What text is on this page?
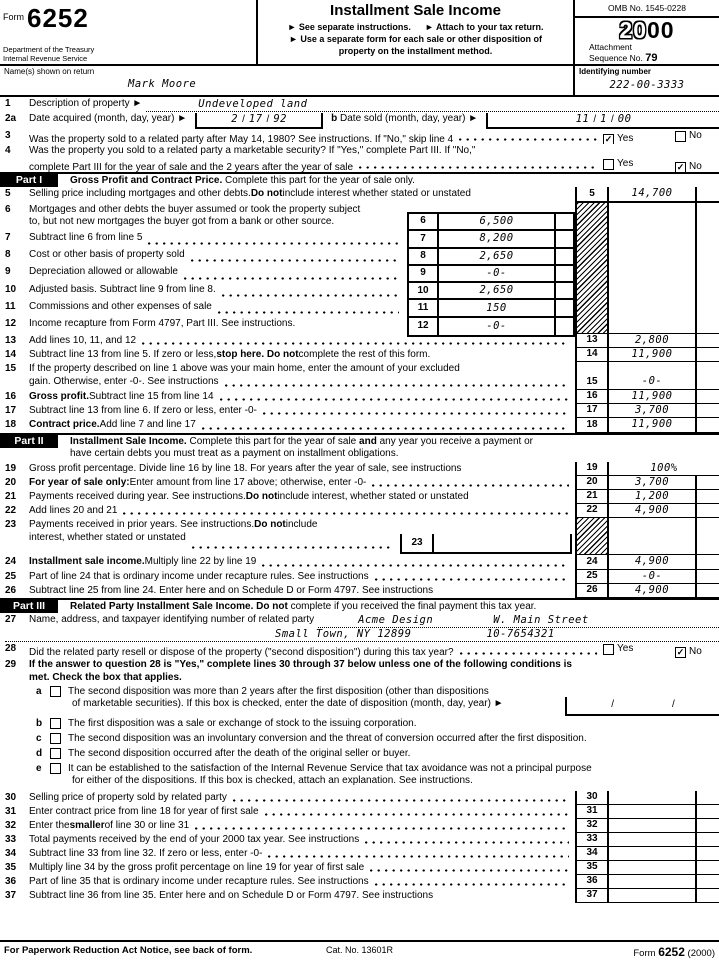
Form 6252
Department of the Treasury
Internal Revenue Service
Installment Sale Income
► See separate instructions. ► Attach to your tax return.
► Use a separate form for each sale or other disposition of
property on the installment method.
OMB No. 1545-0228
2000
Attachment
Sequence No. 79
Name(s) shown on return
Mark Moore
Identifying number
222-00-3333
1	Description of property ►	Undeveloped land
2a	Date acquired (month, day, year) ►	2 / 17 / 92	b
Date sold (month, day, year) ►	11 / 1 / 00
3	Was the property sold to a related party after May 14, 1980? See instructions. If "No," skip line 4	✓ Yes	No
4	Was the property you sold to a related party a marketable security? If "Yes," complete Part III. If "No,"
complete Part III for the year of sale and the 2 years after the year of sale	Yes	✓ No
Part I	Gross Profit and Contract Price. Complete this part for the year of sale only.
5	Selling price including mortgages and other debts. Do not include interest whether stated or unstated	5	14,700
6	Mortgages and other debts the buyer assumed or took the property subject
to, but not new mortgages the buyer got from a bank or other source.
7	Subtract line 6 from line 5
8	Cost or other basis of property sold
9	Depreciation allowed or allowable
10	Adjusted basis. Subtract line 9 from line 8.
11	Commissions and other expenses of sale
12	Income recapture from Form 4797, Part III. See instructions.
6	6,500
7	8,200
8	2,650
9	-0-
10	2,650
11	150
12	-0-
13	Add lines 10, 11, and 12	13	2,800
14	Subtract line 13 from line 5. If zero or less, stop here. Do not complete the rest of this form.	14	11,900
15	If the property described on line 1 above was your main home, enter the amount of your excluded
gain. Otherwise, enter -0-. See instructions	15	-0-
16	Gross profit. Subtract line 15 from line 14	16	11,900
17	Subtract line 13 from line 6. If zero or less, enter -0-	17	3,700
18	Contract price. Add line 7 and line 17	18	11,900
Part II	Installment Sale Income. Complete this part for the year of sale and any year you receive a payment or
have certain debts you must treat as a payment on installment obligations.
19	Gross profit percentage. Divide line 16 by line 18. For years after the year of sale, see instructions	19	100%
20	For year of sale only: Enter amount from line 17 above; otherwise, enter -0-	20	3,700
21	Payments received during year. See instructions. Do not include interest, whether stated or unstated	21	1,200
22	Add lines 20 and 21	22	4,900
23	Payments received in prior years. See instructions. Do not include
interest, whether stated or unstated	23
24	Installment sale income. Multiply line 22 by line 19	24	4,900
25	Part of line 24 that is ordinary income under recapture rules. See instructions	25	-0-
26	Subtract line 25 from line 24. Enter here and on Schedule D or Form 4797. See instructions	26	4,900
Part III	Related Party Installment Sale Income. Do not complete if you received the final payment this tax year.
27	Name, address, and taxpayer identifying number of related party	Acme Design	W. Main Street
Small Town, NY 12899	10-7654321
28	Did the related party resell or dispose of the property ("second disposition") during this tax year?	Yes	✓ No
29	If the answer to question 28 is "Yes," complete lines 30 through 37 below unless one of the following conditions is
met. Check the box that applies.
a	The second disposition was more than 2 years after the first disposition (other than dispositions
of marketable securities). If this box is checked, enter the date of disposition (month, day, year) ►	/	/
b	The first disposition was a sale or exchange of stock to the issuing corporation.
c	The second disposition was an involuntary conversion and the threat of conversion occurred after the first disposition.
d	The second disposition occurred after the death of the original seller or buyer.
e	It can be established to the satisfaction of the Internal Revenue Service that tax avoidance was not a principal purpose
for either of the dispositions. If this box is checked, attach an explanation. See instructions.
30	Selling price of property sold by related party	30
31	Enter contract price from line 18 for year of first sale	31
32	Enter the smaller of line 30 or line 31	32
33	Total payments received by the end of your 2000 tax year. See instructions	33
34	Subtract line 33 from line 32. If zero or less, enter -0-	34
35	Multiply line 34 by the gross profit percentage on line 19 for year of first sale	35
36	Part of line 35 that is ordinary income under recapture rules. See instructions	36
37	Subtract line 36 from line 35. Enter here and on Schedule D or Form 4797. See instructions	37
For Paperwork Reduction Act Notice, see back of form.	Cat. No. 13601R	Form 6252 (2000)
